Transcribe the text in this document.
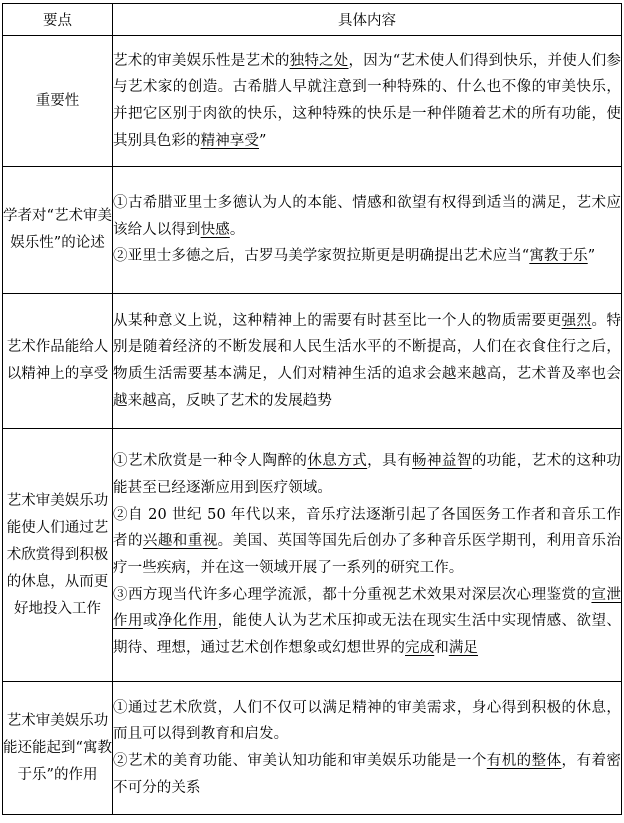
要点	具体内容
重要性	艺术的审美娱乐性是艺术的独特之处，因为“艺术使人们得到快乐，并使人们参与艺术家的创造。古希腊人早就注意到一种特殊的、什么也不像的审美快乐，并把它区别于肉欲的快乐，这种特殊的快乐是一种伴随着艺术的所有功能，使其别具色彩的精神享受”

学者对“艺术审美娱乐性”的论述	①古希腊亚里士多德认为人的本能、情感和欲望有权得到适当的满足，艺术应该给人以得到快感。

②亚里士多德之后，古罗马美学家贺拉斯更是明确提出艺术应当“寓教于乐”

艺术作品能给人以精神上的享受	从某种意义上说，这种精神上的需要有时甚至比一个人的物质需要更强烈。特别是随着经济的不断发展和人民生活水平的不断提高，人们在衣食住行之后，物质生活需要基本满足，人们对精神生活的追求会越来越高，艺术普及率也会越来越高，反映了艺术的发展趋势

艺术审美娱乐功能使人们通过艺术欣赏得到积极的休息，从而更好地投入工作	①艺术欣赏是一种令人陶醉的休息方式，具有畅神益智的功能，艺术的这种功能甚至已经逐渐应用到医疗领域。

②自 20 世纪 50 年代以来，音乐疗法逐渐引起了各国医务工作者和音乐工作者的兴趣和重视。美国、英国等国先后创办了多种音乐医学期刊，利用音乐治疗一些疾病，并在这一领域开展了一系列的研究工作。

③西方现当代许多心理学流派，都十分重视艺术效果对深层次心理鉴赏的宣泄作用或净化作用，能使人认为艺术压抑或无法在现实生活中实现情感、欲望、期待、理想，通过艺术创作想象或幻想世界的完成和满足

艺术审美娱乐功能还能起到“寓教于乐”的作用	①通过艺术欣赏，人们不仅可以满足精神的审美需求，身心得到积极的休息，而且可以得到教育和启发。

②艺术的美育功能、审美认知功能和审美娱乐功能是一个有机的整体，有着密不可分的关系
